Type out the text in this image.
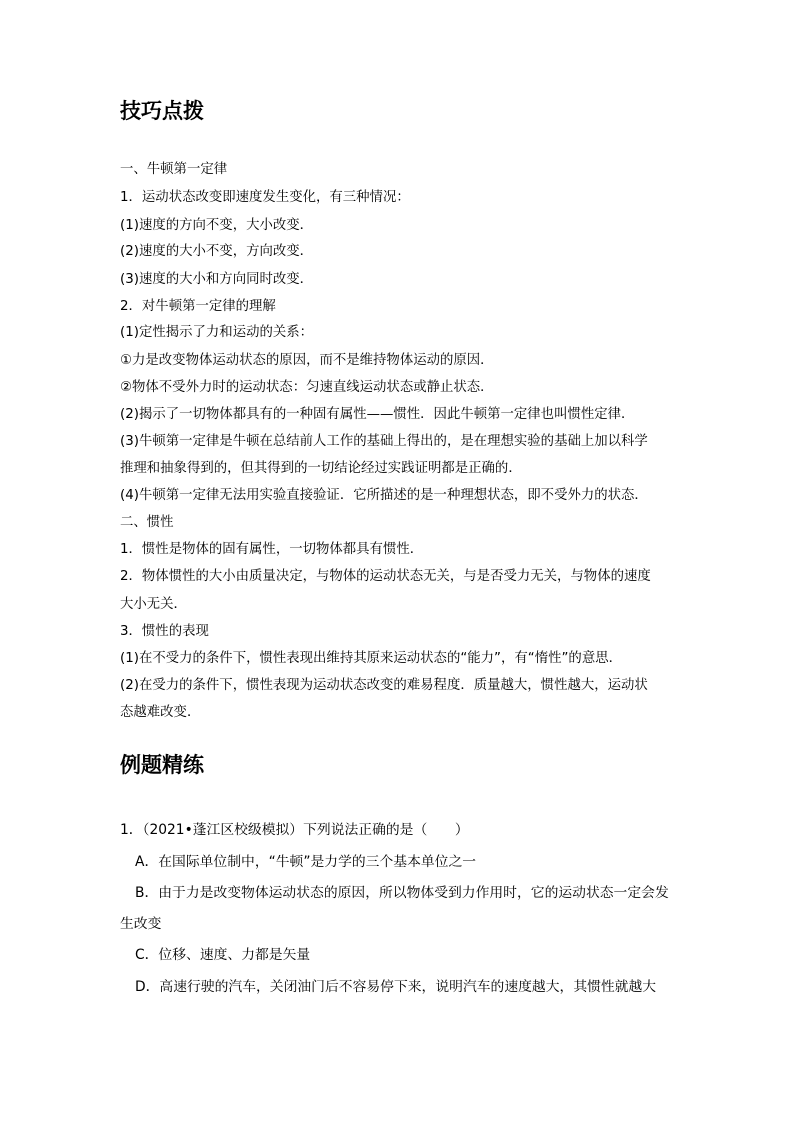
技巧点拨
一、牛顿第一定律
1．运动状态改变即速度发生变化，有三种情况：
(1)速度的方向不变，大小改变．
(2)速度的大小不变，方向改变．
(3)速度的大小和方向同时改变．
2．对牛顿第一定律的理解
(1)定性揭示了力和运动的关系：
①力是改变物体运动状态的原因，而不是维持物体运动的原因．
②物体不受外力时的运动状态：匀速直线运动状态或静止状态．
(2)揭示了一切物体都具有的一种固有属性——惯性．因此牛顿第一定律也叫惯性定律．
(3)牛顿第一定律是牛顿在总结前人工作的基础上得出的，是在理想实验的基础上加以科学
推理和抽象得到的，但其得到的一切结论经过实践证明都是正确的．
(4)牛顿第一定律无法用实验直接验证．它所描述的是一种理想状态，即不受外力的状态．
二、惯性
1．惯性是物体的固有属性，一切物体都具有惯性．
2．物体惯性的大小由质量决定，与物体的运动状态无关，与是否受力无关，与物体的速度
大小无关．
3．惯性的表现
(1)在不受力的条件下，惯性表现出维持其原来运动状态的“能力”，有“惰性”的意思．
(2)在受力的条件下，惯性表现为运动状态改变的难易程度．质量越大，惯性越大，运动状
态越难改变．
例题精练
1．（2021•蓬江区校级模拟）下列说法正确的是（　　）
A．在国际单位制中，“牛顿”是力学的三个基本单位之一
B．由于力是改变物体运动状态的原因，所以物体受到力作用时，它的运动状态一定会发
生改变
C．位移、速度、力都是矢量
D．高速行驶的汽车，关闭油门后不容易停下来，说明汽车的速度越大，其惯性就越大
